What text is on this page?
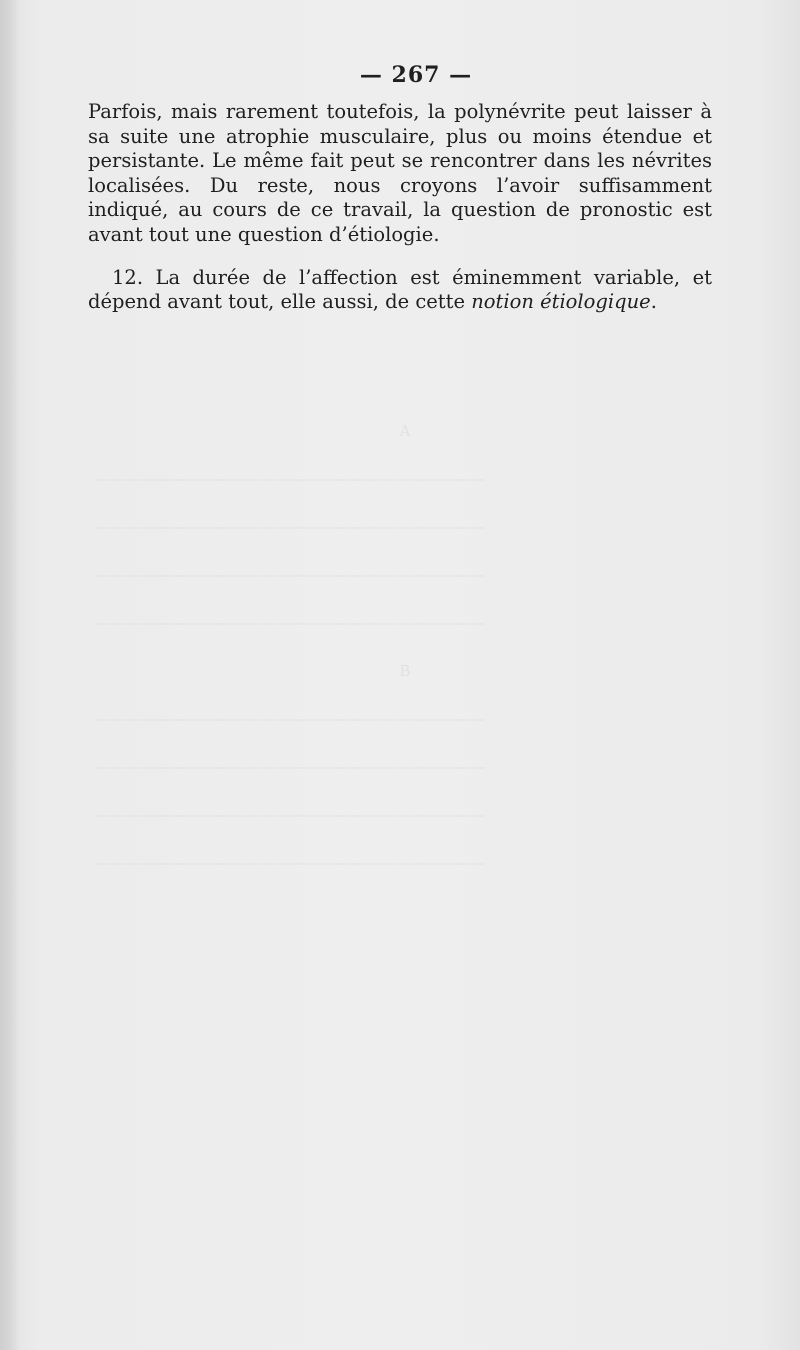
— 267 —

Parfois, mais rarement toutefois, la polynévrite peut laisser à sa suite une atrophie musculaire, plus ou moins étendue et persistante. Le même fait peut se rencontrer dans les névrites localisées. Du reste, nous croyons l’avoir suffisamment indiqué, au cours de ce travail, la question de pronostic est avant tout une question d’étiologie.

12. La durée de l’affection est éminemment variable, et dépend avant tout, elle aussi, de cette notion étiologique.
